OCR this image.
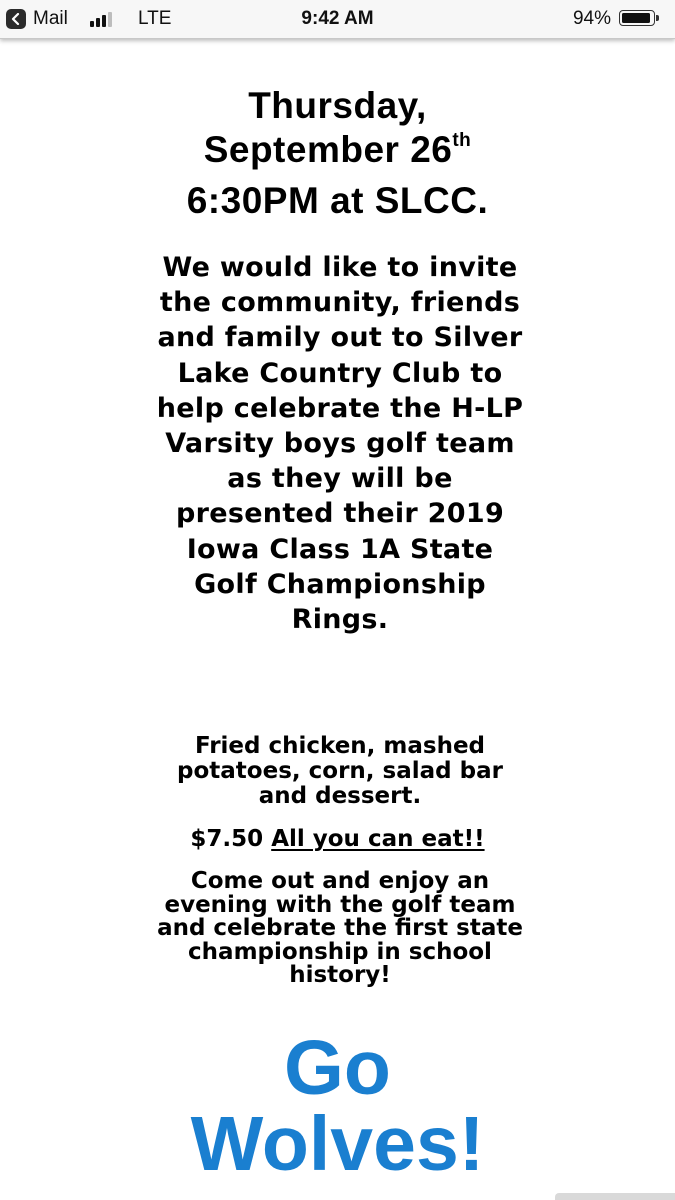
Mail	LTE	9:42 AM	94%
Thursday,
September 26th
6:30PM at SLCC.

We would like to invite
the community, friends
and family out to Silver
Lake Country Club to
help celebrate the H-LP
Varsity boys golf team
as they will be
presented their 2019
Iowa Class 1A State
Golf Championship
Rings.

Fried chicken, mashed
potatoes, corn, salad bar
and dessert.

$7.50 All you can eat!!

Come out and enjoy an
evening with the golf team
and celebrate the first state
championship in school
history!

Go
Wolves!
